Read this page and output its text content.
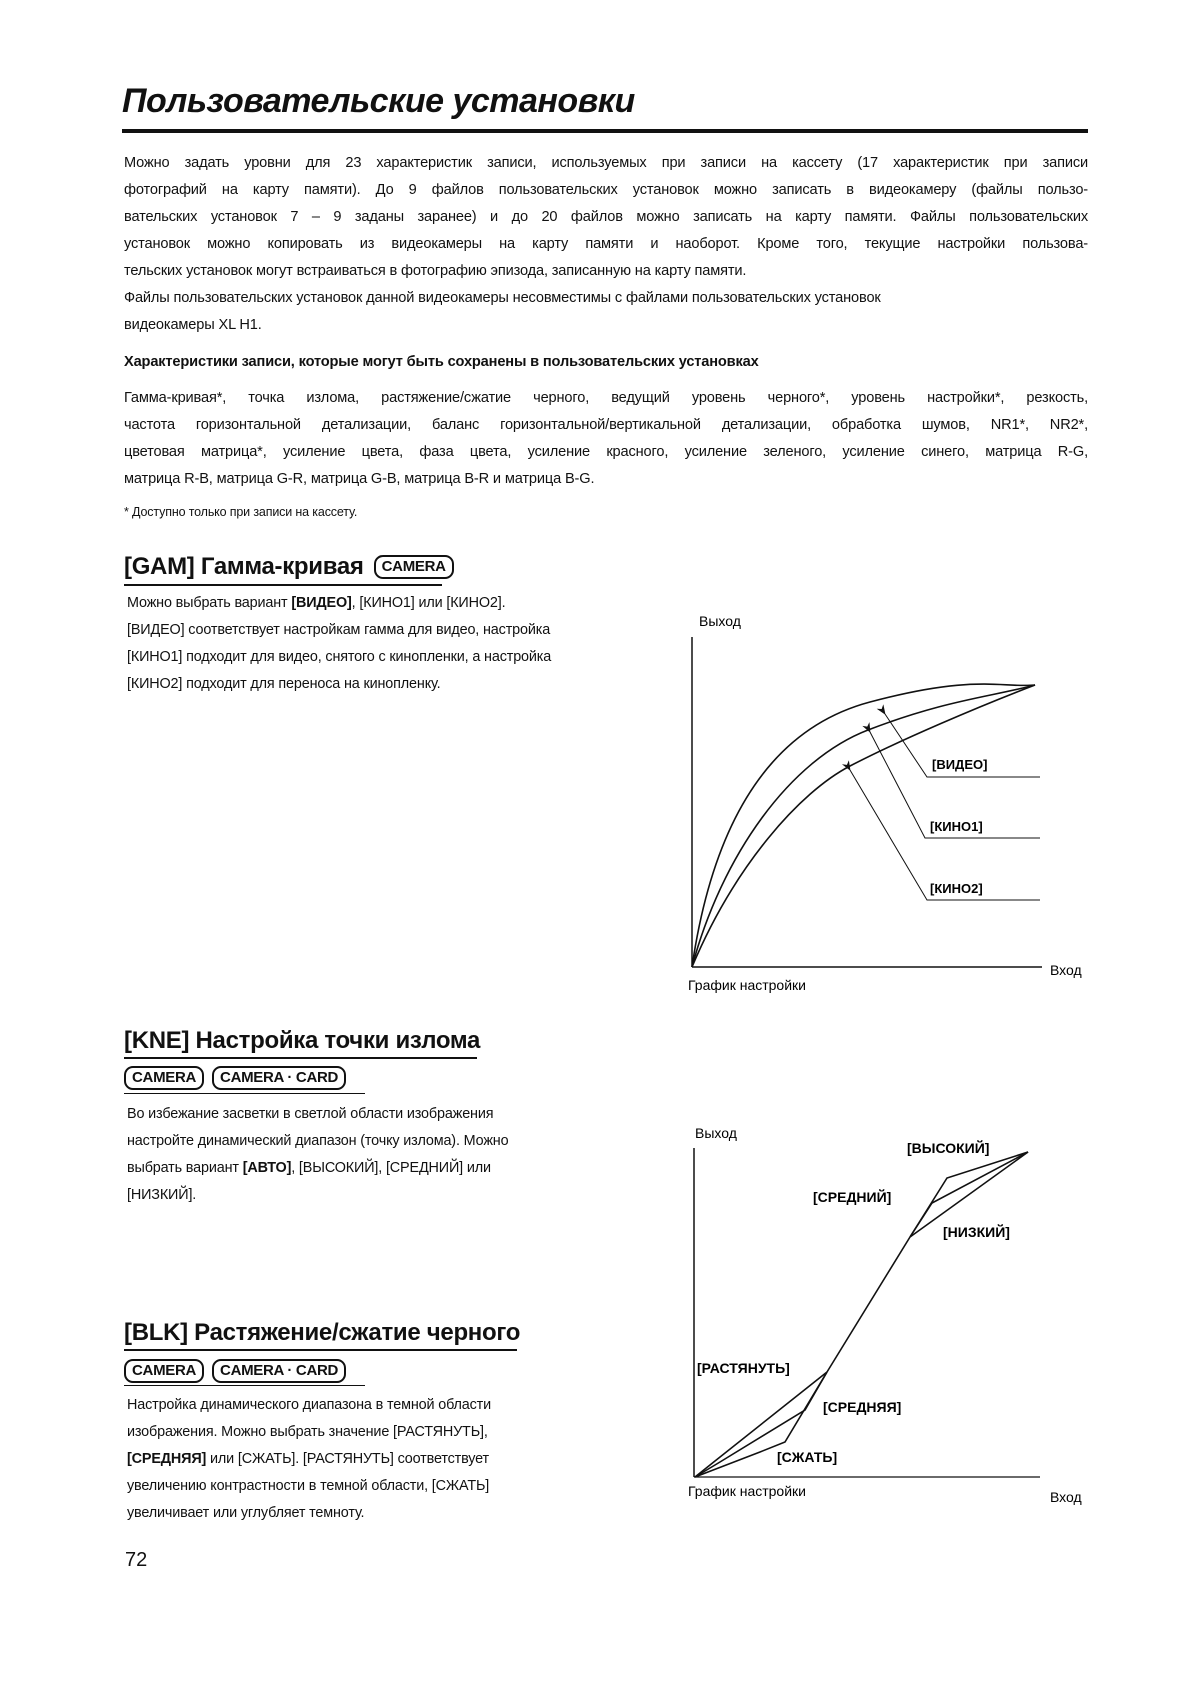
Пользовательские установки
Можно задать уровни для 23 характеристик записи, используемых при записи на кассету (17 характеристик при записи
фотографий на карту памяти). До 9 файлов пользовательских установок можно записать в видеокамеру (файлы пользо-
вательских установок 7 – 9 заданы заранее) и до 20 файлов можно записать на карту памяти. Файлы пользовательских
установок можно копировать из видеокамеры на карту памяти и наоборот. Кроме того, текущие настройки пользова-
тельских установок могут встраиваться в фотографию эпизода, записанную на карту памяти.
Файлы пользовательских установок данной видеокамеры несовместимы с файлами пользовательских установок
видеокамеры XL H1.
Характеристики записи, которые могут быть сохранены в пользовательских установках
Гамма-кривая*, точка излома, растяжение/сжатие черного, ведущий уровень черного*, уровень настройки*, резкость,
частота горизонтальной детализации, баланс горизонтальной/вертикальной детализации, обработка шумов, NR1*, NR2*,
цветовая матрица*, усиление цвета, фаза цвета, усиление красного, усиление зеленого, усиление синего, матрица R-G,
матрица R-B, матрица G-R, матрица G-B, матрица B-R и матрица B-G.
* Доступно только при записи на кассету.
[GAM] Гамма-кривая	CAMERA
Можно выбрать вариант [ВИДЕО], [КИНО1] или [КИНО2].
[ВИДЕО] соответствует настройкам гамма для видео, настройка
[КИНО1] подходит для видео, снятого с кинопленки, а настройка
[КИНО2] подходит для переноса на кинопленку.
[KNE] Настройка точки излома
CAMERA	CAMERA · CARD
Во избежание засветки в светлой области изображения
настройте динамический диапазон (точку излома). Можно
выбрать вариант [АВТО], [ВЫСОКИЙ], [СРЕДНИЙ] или
[НИЗКИЙ].
[BLK] Растяжение/сжатие черного
CAMERA	CAMERA · CARD
Настройка динамического диапазона в темной области
изображения. Можно выбрать значение [РАСТЯНУТЬ],
[СРЕДНЯЯ] или [СЖАТЬ]. [РАСТЯНУТЬ] соответствует
увеличению контрастности в темной области, [СЖАТЬ]
увеличивает или углубляет темноту.
72
Выход
Вход
График настройки
[ВИДЕО]
[КИНО1]
[КИНО2]
Выход
Вход
График настройки
[ВЫСОКИЙ]
[СРЕДНИЙ]
[НИЗКИЙ]
[РАСТЯНУТЬ]
[СРЕДНЯЯ]
[СЖАТЬ]
